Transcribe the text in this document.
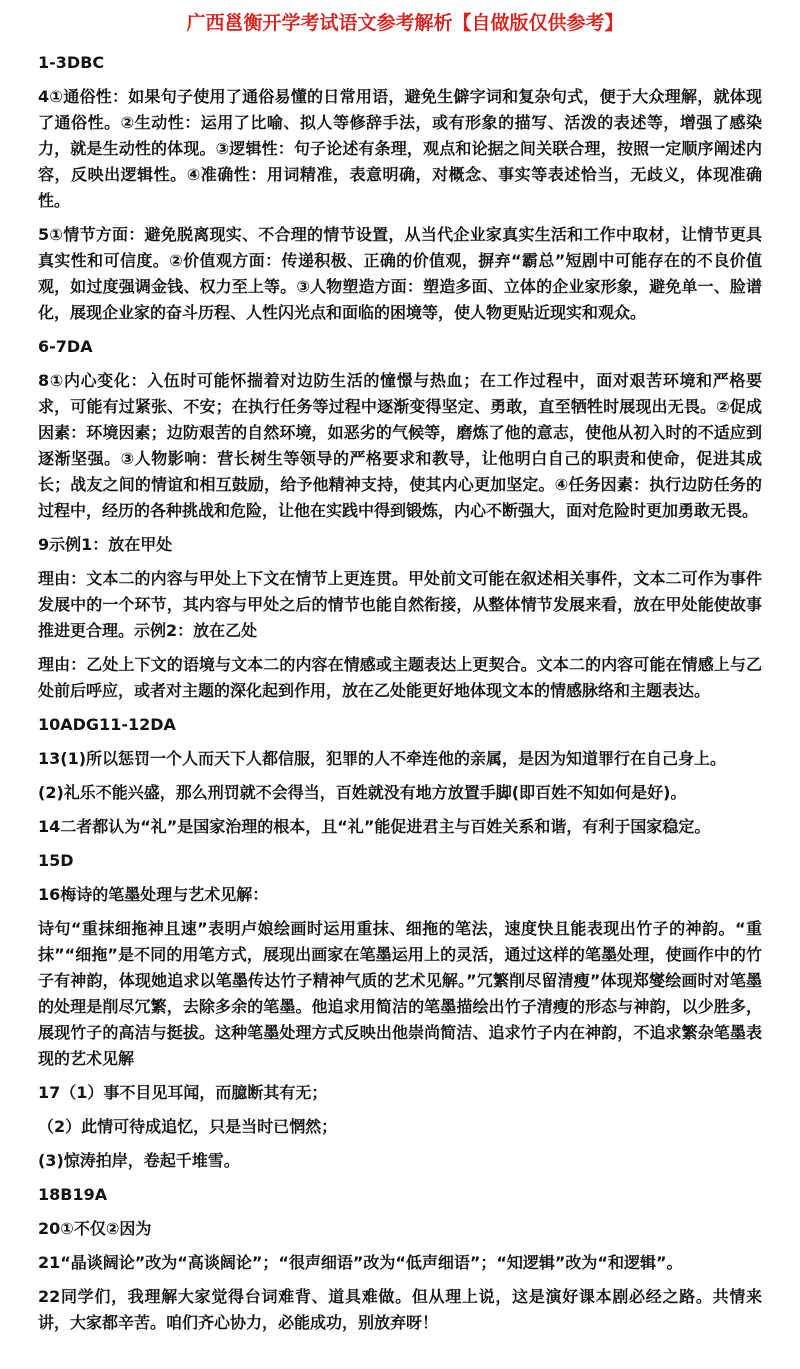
广西邕衡开学考试语文参考解析【自做版仅供参考】

1-3DBC

4①通俗性：如果句子使用了通俗易懂的日常用语，避免生僻字词和复杂句式，便于大众理解，就体现了通俗性。②生动性：运用了比喻、拟人等修辞手法，或有形象的描写、活泼的表述等，增强了感染力，就是生动性的体现。③逻辑性：句子论述有条理，观点和论据之间关联合理，按照一定顺序阐述内容，反映出逻辑性。④准确性：用词精准，表意明确，对概念、事实等表述恰当，无歧义，体现准确性。

5①情节方面：避免脱离现实、不合理的情节设置，从当代企业家真实生活和工作中取材，让情节更具真实性和可信度。②价值观方面：传递积极、正确的价值观，摒弃“霸总”短剧中可能存在的不良价值观，如过度强调金钱、权力至上等。③人物塑造方面：塑造多面、立体的企业家形象，避免单一、脸谱化，展现企业家的奋斗历程、人性闪光点和面临的困境等，使人物更贴近现实和观众。

6-7DA

8①内心变化：入伍时可能怀揣着对边防生活的憧憬与热血；在工作过程中，面对艰苦环境和严格要求，可能有过紧张、不安；在执行任务等过程中逐渐变得坚定、勇敢，直至牺牲时展现出无畏。②促成因素：环境因素；边防艰苦的自然环境，如恶劣的气候等，磨炼了他的意志，使他从初入时的不适应到逐渐坚强。③人物影响：营长树生等领导的严格要求和教导，让他明白自己的职责和使命，促进其成长；战友之间的情谊和相互鼓励，给予他精神支持，使其内心更加坚定。④任务因素：执行边防任务的过程中，经历的各种挑战和危险，让他在实践中得到锻炼，内心不断强大，面对危险时更加勇敢无畏。

9示例1：放在甲处

理由：文本二的内容与甲处上下文在情节上更连贯。甲处前文可能在叙述相关事件，文本二可作为事件发展中的一个环节，其内容与甲处之后的情节也能自然衔接，从整体情节发展来看，放在甲处能使故事推进更合理。示例2：放在乙处

理由：乙处上下文的语境与文本二的内容在情感或主题表达上更契合。文本二的内容可能在情感上与乙处前后呼应，或者对主题的深化起到作用，放在乙处能更好地体现文本的情感脉络和主题表达。

10ADG11-12DA

13(1)所以惩罚一个人而天下人都信服，犯罪的人不牵连他的亲属，是因为知道罪行在自己身上。

(2)礼乐不能兴盛，那么刑罚就不会得当，百姓就没有地方放置手脚(即百姓不知如何是好)。

14二者都认为“礼”是国家治理的根本，且“礼”能促进君主与百姓关系和谐，有利于国家稳定。

15D

16梅诗的笔墨处理与艺术见解：

诗句“重抹细拖神且速”表明卢娘绘画时运用重抹、细拖的笔法，速度快且能表现出竹子的神韵。“重抹”“细拖”是不同的用笔方式，展现出画家在笔墨运用上的灵活，通过这样的笔墨处理，使画作中的竹子有神韵，体现她追求以笔墨传达竹子精神气质的艺术见解。”冗繁削尽留清瘦”体现郑燮绘画时对笔墨的处理是削尽冗繁，去除多余的笔墨。他追求用简洁的笔墨描绘出竹子清瘦的形态与神韵，以少胜多，展现竹子的高洁与挺拔。这种笔墨处理方式反映出他崇尚简洁、追求竹子内在神韵，不追求繁杂笔墨表现的艺术见解

17（1）事不目见耳闻，而臆断其有无；

（2）此情可待成追忆，只是当时已惘然；

(3)惊涛拍岸，卷起千堆雪。

18B19A

20①不仅②因为

21“晶谈阔论”改为“高谈阔论”；“很声细语”改为“低声细语”；“知逻辑”改为“和逻辑”。

22同学们，我理解大家觉得台词难背、道具难做。但从理上说，这是演好课本剧必经之路。共情来讲，大家都辛苦。咱们齐心协力，必能成功，别放弃呀！
